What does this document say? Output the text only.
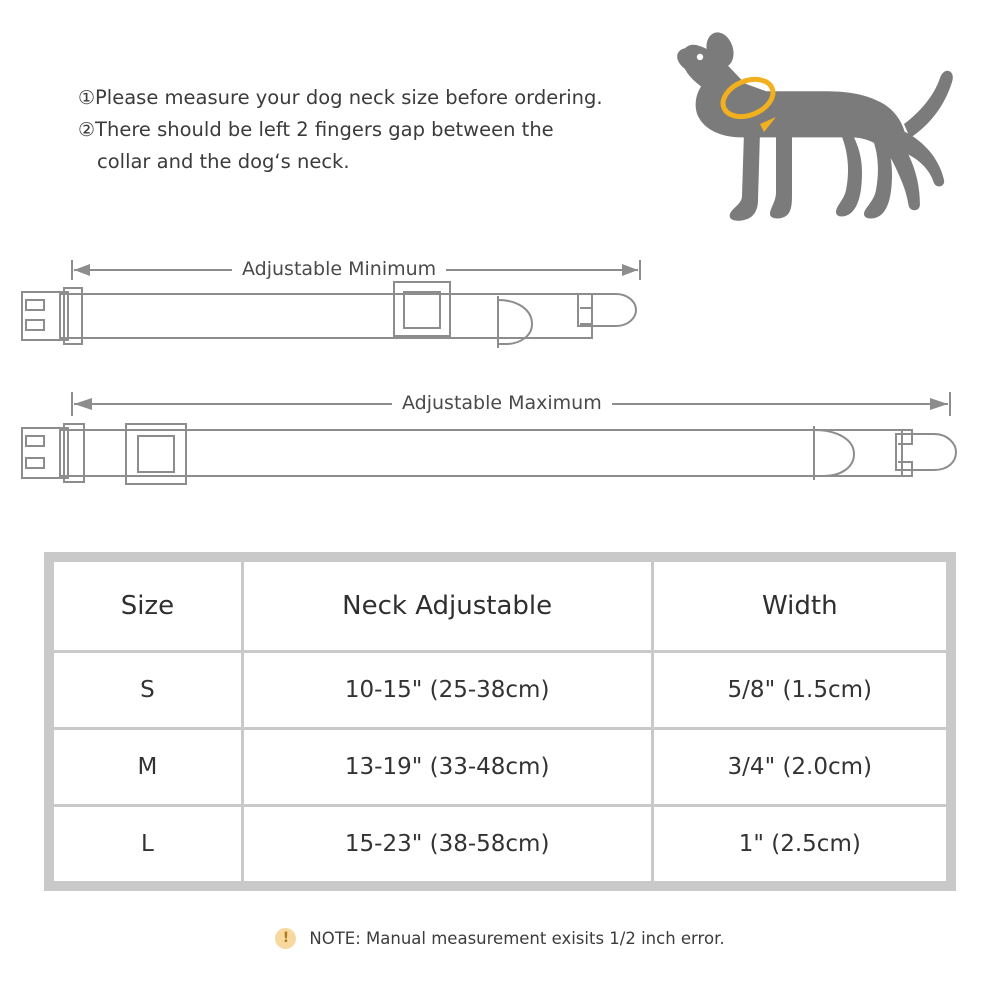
①Please measure your dog neck size before ordering.
②There should be left 2 fingers gap between the
collar and the dog‘s neck.
Adjustable Minimum
Adjustable Maximum
Size	Neck Adjustable	Width
S	10-15" (25-38cm)	5/8" (1.5cm)
M	13-19" (33-48cm)	3/4" (2.0cm)
L	15-23" (38-58cm)	1" (2.5cm)
!	NOTE: Manual measurement exisits 1/2 inch error.
